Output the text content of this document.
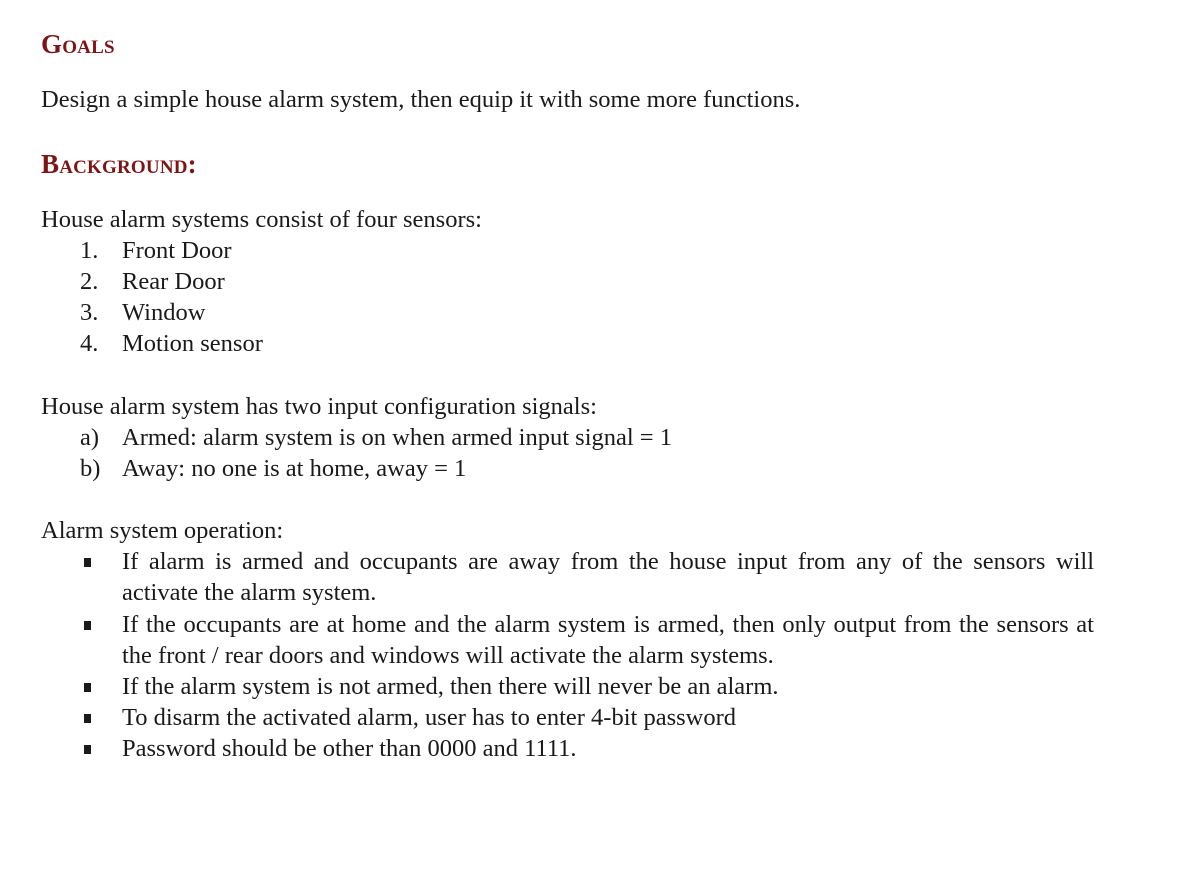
Goals

Design a simple house alarm system, then equip it with some more functions.

Background:

House alarm systems consist of four sensors:

1. Front Door
2. Rear Door
3. Window
4. Motion sensor

House alarm system has two input configuration signals:

a) Armed: alarm system is on when armed input signal = 1
b) Away: no one is at home, away = 1

Alarm system operation:

If alarm is armed and occupants are away from the house input from any of the sensors will activate the alarm system.

If the occupants are at home and the alarm system is armed, then only output from the sensors at the front / rear doors and windows will activate the alarm systems.

If the alarm system is not armed, then there will never be an alarm.

To disarm the activated alarm, user has to enter 4-bit password

Password should be other than 0000 and 1111.
